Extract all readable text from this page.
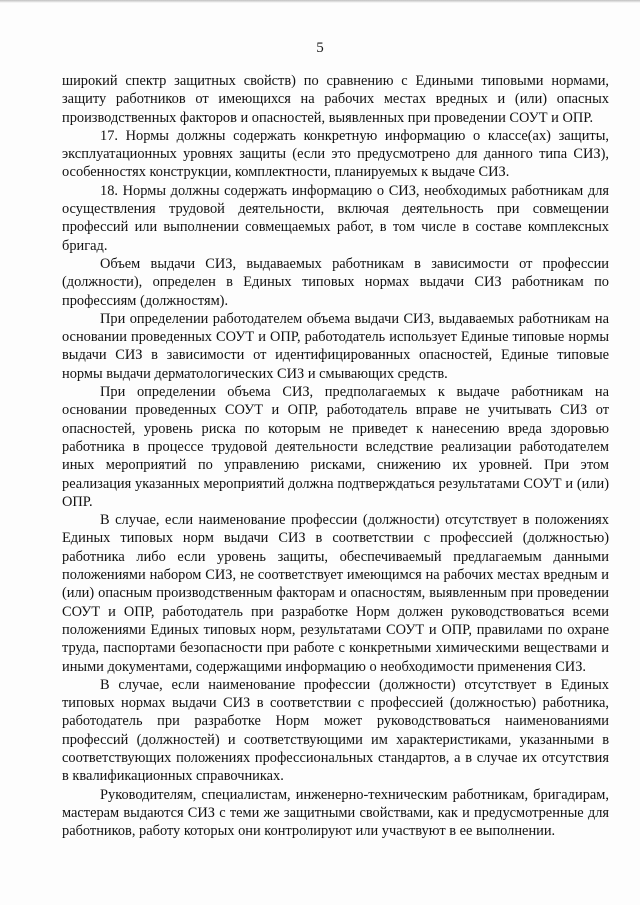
5

широкий спектр защитных свойств) по сравнению с Едиными типовыми нормами, защиту работников от имеющихся на рабочих местах вредных и (или) опасных производственных факторов и опасностей, выявленных при проведении СОУТ и ОПР.

17. Нормы должны содержать конкретную информацию о классе(ах) защиты, эксплуатационных уровнях защиты (если это предусмотрено для данного типа СИЗ), особенностях конструкции, комплектности, планируемых к выдаче СИЗ.

18. Нормы должны содержать информацию о СИЗ, необходимых работникам для осуществления трудовой деятельности, включая деятельность при совмещении профессий или выполнении совмещаемых работ, в том числе в составе комплексных бригад.

Объем выдачи СИЗ, выдаваемых работникам в зависимости от профессии (должности), определен в Единых типовых нормах выдачи СИЗ работникам по профессиям (должностям).

При определении работодателем объема выдачи СИЗ, выдаваемых работникам на основании проведенных СОУТ и ОПР, работодатель использует Единые типовые нормы выдачи СИЗ в зависимости от идентифицированных опасностей, Единые типовые нормы выдачи дерматологических СИЗ и смывающих средств.

При определении объема СИЗ, предполагаемых к выдаче работникам на основании проведенных СОУТ и ОПР, работодатель вправе не учитывать СИЗ от опасностей, уровень риска по которым не приведет к нанесению вреда здоровью работника в процессе трудовой деятельности вследствие реализации работодателем иных мероприятий по управлению рисками, снижению их уровней. При этом реализация указанных мероприятий должна подтверждаться результатами СОУТ и (или) ОПР.

В случае, если наименование профессии (должности) отсутствует в положениях Единых типовых норм выдачи СИЗ в соответствии с профессией (должностью) работника либо если уровень защиты, обеспечиваемый предлагаемым данными положениями набором СИЗ, не соответствует имеющимся на рабочих местах вредным и (или) опасным производственным факторам и опасностям, выявленным при проведении СОУТ и ОПР, работодатель при разработке Норм должен руководствоваться всеми положениями Единых типовых норм, результатами СОУТ и ОПР, правилами по охране труда, паспортами безопасности при работе с конкретными химическими веществами и иными документами, содержащими информацию о необходимости применения СИЗ.

В случае, если наименование профессии (должности) отсутствует в Единых типовых нормах выдачи СИЗ в соответствии с профессией (должностью) работника, работодатель при разработке Норм может руководствоваться наименованиями профессий (должностей) и соответствующими им характеристиками, указанными в соответствующих положениях профессиональных стандартов, а в случае их отсутствия в квалификационных справочниках.

Руководителям, специалистам, инженерно-техническим работникам, бригадирам, мастерам выдаются СИЗ с теми же защитными свойствами, как и предусмотренные для работников, работу которых они контролируют или участвуют в ее выполнении.
